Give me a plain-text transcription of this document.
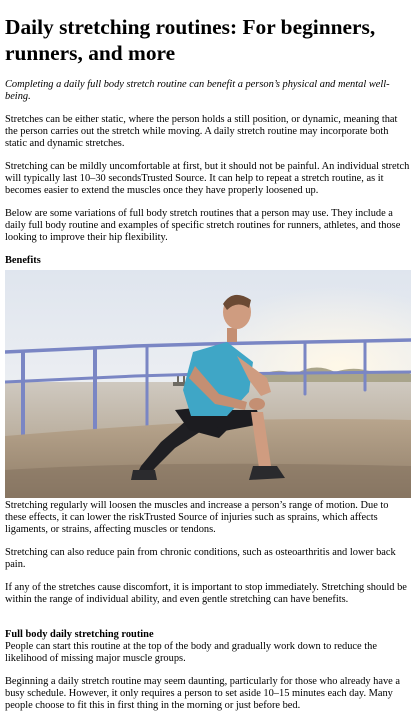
Daily stretching routines: For beginners, runners, and more

Completing a daily full body stretch routine can benefit a person’s physical and mental well-being.

Stretches can be either static, where the person holds a still position, or dynamic, meaning that the person carries out the stretch while moving. A daily stretch routine may incorporate both static and dynamic stretches.

Stretching can be mildly uncomfortable at first, but it should not be painful. An individual stretch will typically last 10–30 secondsTrusted Source. It can help to repeat a stretch routine, as it becomes easier to extend the muscles once they have properly loosened up.

Below are some variations of full body stretch routines that a person may use. They include a daily full body routine and examples of specific stretch routines for runners, athletes, and those looking to improve their hip flexibility.

Benefits

Stretching regularly will loosen the muscles and increase a person’s range of motion. Due to these effects, it can lower the riskTrusted Source of injuries such as sprains, which affects ligaments, or strains, affecting muscles or tendons.

Stretching can also reduce pain from chronic conditions, such as osteoarthritis and lower back pain.

If any of the stretches cause discomfort, it is important to stop immediately. Stretching should be within the range of individual ability, and even gentle stretching can have benefits.

Full body daily stretching routine

People can start this routine at the top of the body and gradually work down to reduce the likelihood of missing major muscle groups.

Beginning a daily stretch routine may seem daunting, particularly for those who already have a busy schedule. However, it only requires a person to set aside 10–15 minutes each day. Many people choose to fit this in first thing in the morning or just before bed.
